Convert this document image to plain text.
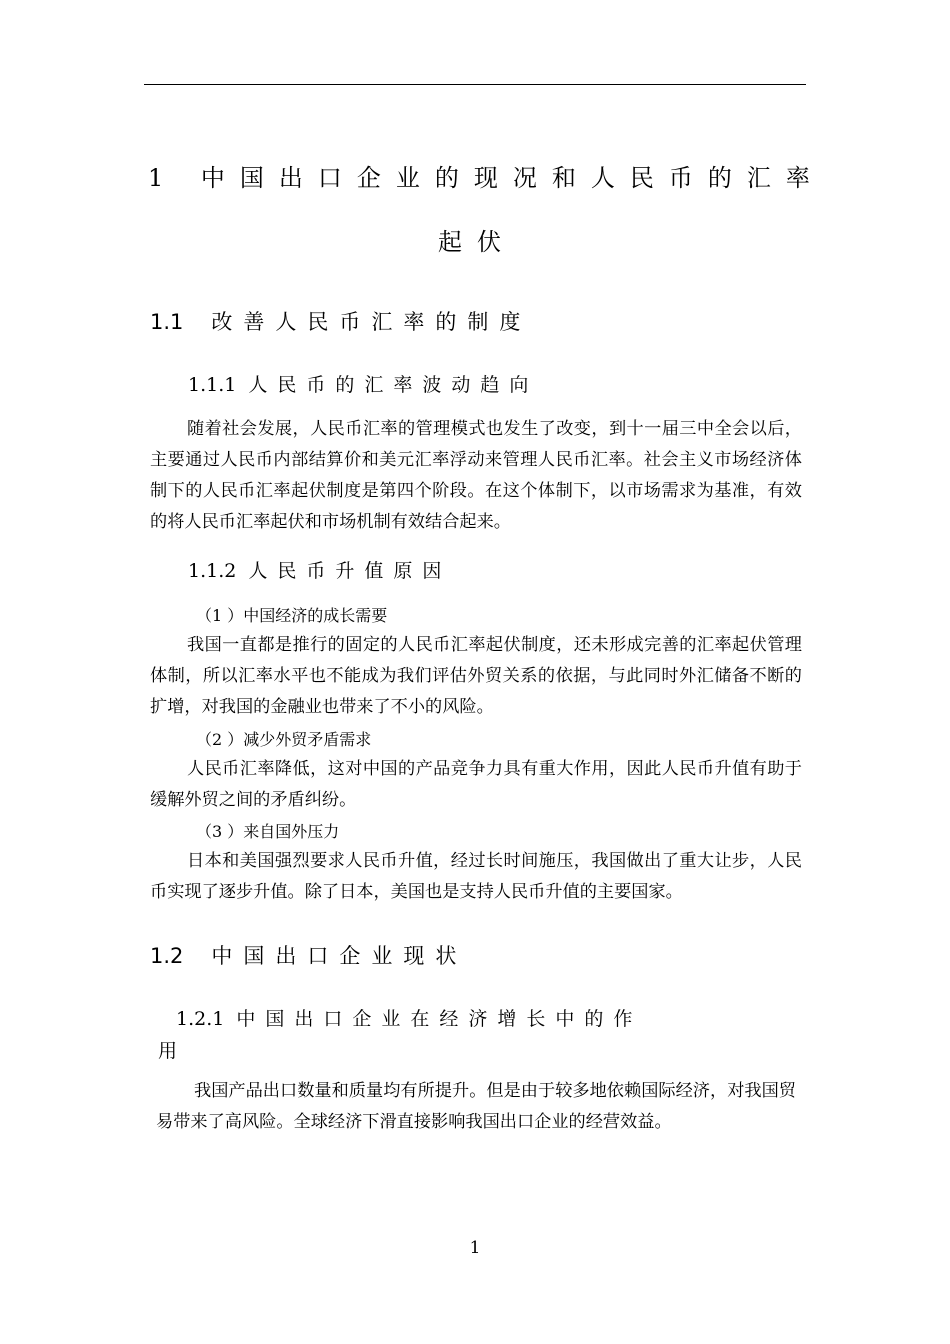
1 中国出口企业的现况和人民币的汇率
起伏
1.1 改善人民币汇率的制度
1.1.1 人民币的汇率波动趋向
随着社会发展，人民币汇率的管理模式也发生了改变，到十一届三中全会以后，主要通过人民币内部结算价和美元汇率浮动来管理人民币汇率。社会主义市场经济体制下的人民币汇率起伏制度是第四个阶段。在这个体制下，以市场需求为基准，有效的将人民币汇率起伏和市场机制有效结合起来。
1.1.2 人民币升值原因
（1 ）中国经济的成长需要
我国一直都是推行的固定的人民币汇率起伏制度，还未形成完善的汇率起伏管理体制，所以汇率水平也不能成为我们评估外贸关系的依据，与此同时外汇储备不断的扩增，对我国的金融业也带来了不小的风险。
（2 ）减少外贸矛盾需求
人民币汇率降低，这对中国的产品竞争力具有重大作用，因此人民币升值有助于缓解外贸之间的矛盾纠纷。
（3 ）来自国外压力
日本和美国强烈要求人民币升值，经过长时间施压，我国做出了重大让步，人民币实现了逐步升值。除了日本，美国也是支持人民币升值的主要国家。
1.2 中国出口企业现状
1.2.1 中国出口企业在经济增长中的作
用
我国产品出口数量和质量均有所提升。但是由于较多地依赖国际经济，对我国贸易带来了高风险。全球经济下滑直接影响我国出口企业的经营效益。
1
